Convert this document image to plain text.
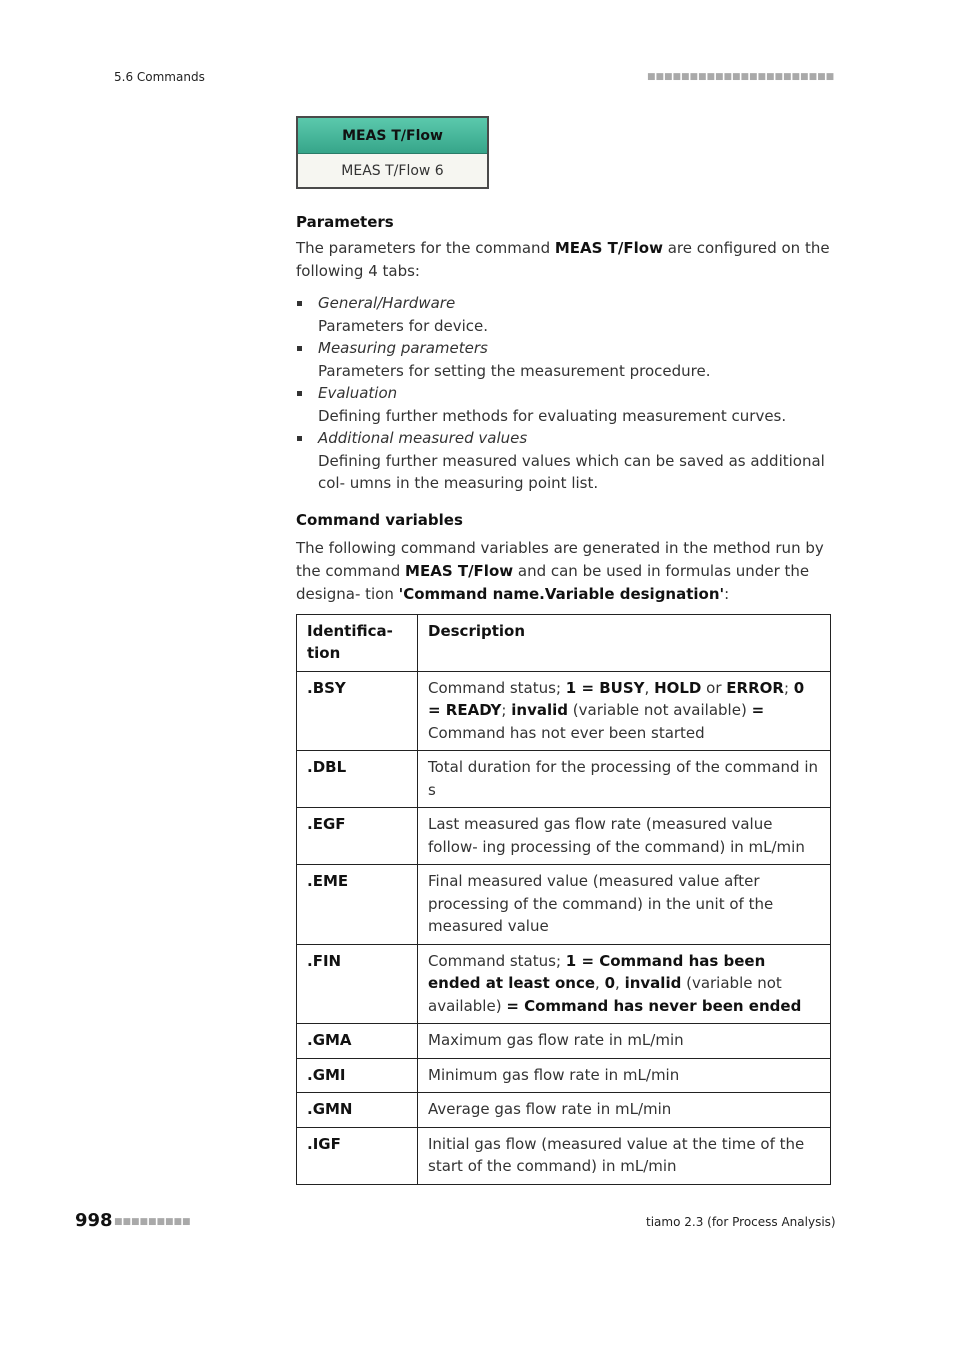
5.6 Commands	■■■■■■■■■■■■■■■■■■■■■■
MEAS T/Flow
MEAS T/Flow 6
Parameters

The parameters for the command MEAS T/Flow are configured on the following 4 tabs:

General/Hardware
Parameters for device.
Measuring parameters
Parameters for setting the measurement procedure.
Evaluation
Defining further methods for evaluating measurement curves.
Additional measured values
Defining further measured values which can be saved as additional col- umns in the measuring point list.
Command variables

The following command variables are generated in the method run by the command MEAS T/Flow and can be used in formulas under the designa- tion 'Command name.Variable designation':

Identifica- tion	Description
.BSY	Command status; 1 = BUSY, HOLD or ERROR; 0 = READY; invalid (variable not available) = Command has not ever been started
.DBL	Total duration for the processing of the command in s
.EGF	Last measured gas flow rate (measured value follow- ing processing of the command) in mL/min
.EME	Final measured value (measured value after processing of the command) in the unit of the measured value
.FIN	Command status; 1 = Command has been ended at least once, 0, invalid (variable not available) = Command has never been ended
.GMA	Maximum gas flow rate in mL/min
.GMI	Minimum gas flow rate in mL/min
.GMN	Average gas flow rate in mL/min
.IGF	Initial gas flow (measured value at the time of the start of the command) in mL/min
998 ■■■■■■■■■	tiamo 2.3 (for Process Analysis)
